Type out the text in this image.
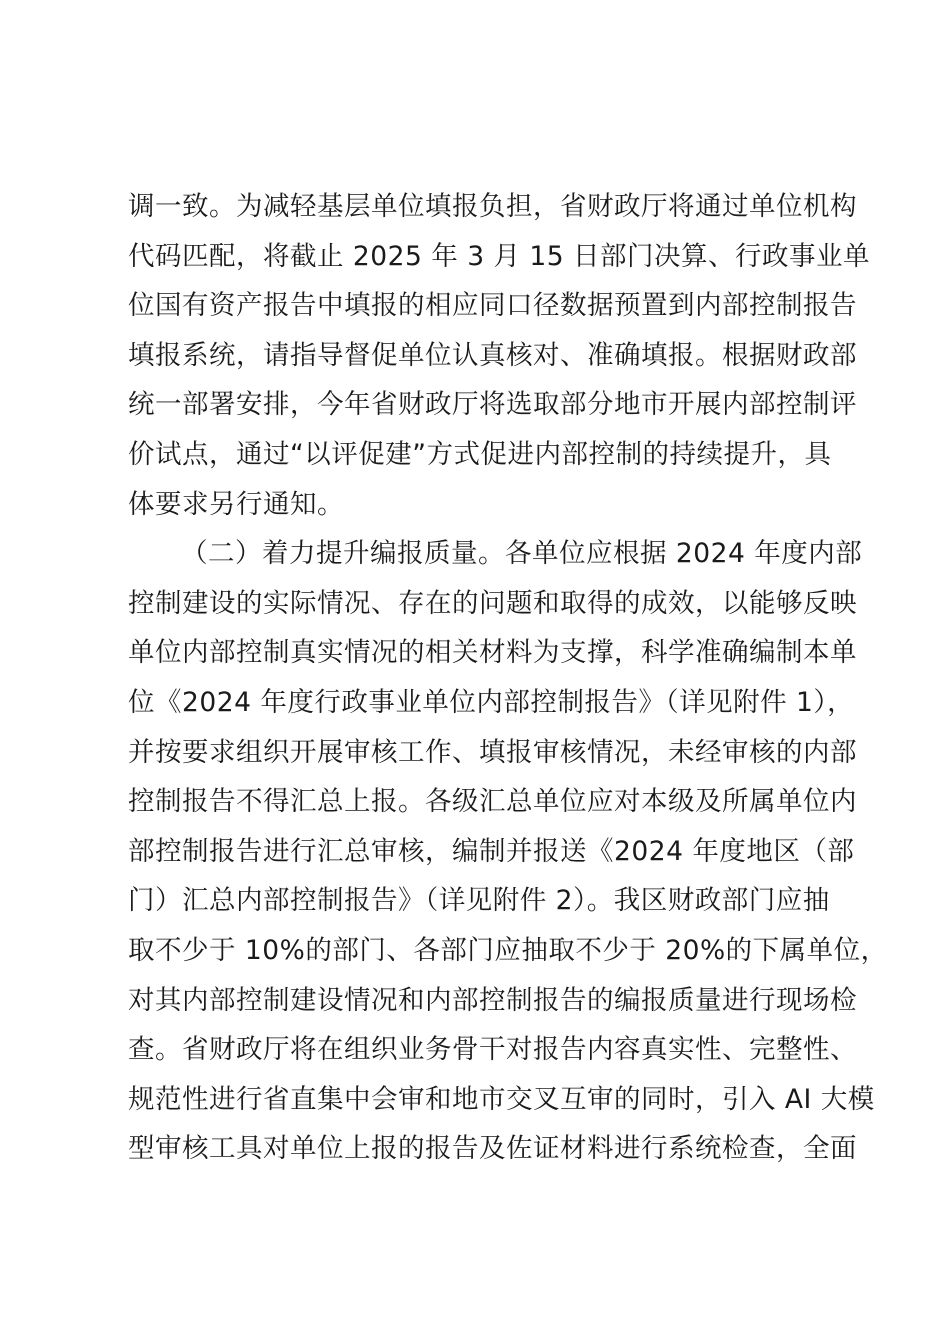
调一致。为减轻基层单位填报负担，省财政厅将通过单位机构
代码匹配，将截止 2025 年 3 月 15 日部门决算、行政事业单
位国有资产报告中填报的相应同口径数据预置到内部控制报告
填报系统，请指导督促单位认真核对、准确填报。根据财政部
统一部署安排，今年省财政厅将选取部分地市开展内部控制评
价试点，通过“以评促建”方式促进内部控制的持续提升，具
体要求另行通知。
（二）着力提升编报质量。各单位应根据 2024 年度内部
控制建设的实际情况、存在的问题和取得的成效，以能够反映
单位内部控制真实情况的相关材料为支撑，科学准确编制本单
位《2024 年度行政事业单位内部控制报告》（详见附件 1），
并按要求组织开展审核工作、填报审核情况，未经审核的内部
控制报告不得汇总上报。各级汇总单位应对本级及所属单位内
部控制报告进行汇总审核，编制并报送《2024 年度地区（部
门）汇总内部控制报告》（详见附件 2）。我区财政部门应抽
取不少于 10%的部门、各部门应抽取不少于 20%的下属单位，
对其内部控制建设情况和内部控制报告的编报质量进行现场检
查。省财政厅将在组织业务骨干对报告内容真实性、完整性、
规范性进行省直集中会审和地市交叉互审的同时，引入 AI 大模
型审核工具对单位上报的报告及佐证材料进行系统检查，全面
